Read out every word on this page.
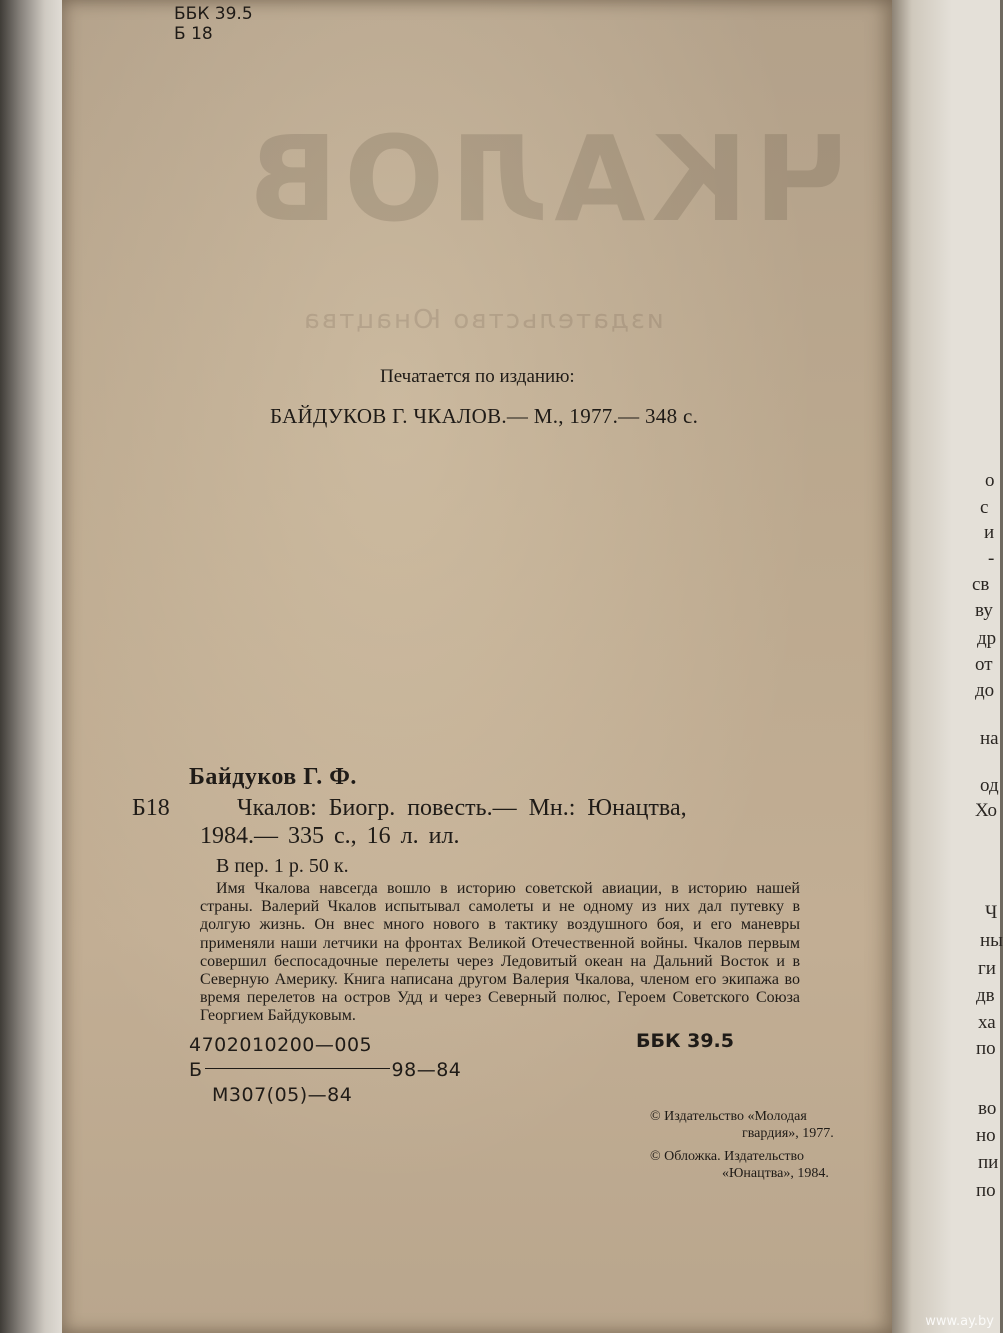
ЧКАЛОВ
издательство Юнацтва
ББК 39.5
Б 18
Печатается по изданию:
БАЙДУКОВ Г. ЧКАЛОВ.— М., 1977.— 348 с.
Байдуков Г. Ф.
Б18	Чкалов: Биогр. повесть.— Мн.: Юнацтва,
1984.— 335 с., 16 л. ил.
В пер. 1 р. 50 к.
Имя Чкалова навсегда вошло в историю советской авиации, в историю нашей страны. Валерий Чкалов испытывал самолеты и не одному из них дал путевку в долгую жизнь. Он внес много нового в тактику воздушного боя, и его маневры применяли наши летчики на фронтах Великой Отечественной войны. Чкалов первым совершил беспосадочные перелеты через Ледовитый океан на Дальний Восток и в Северную Америку. Книга написана другом Валерия Чкалова, членом его экипажа во время перелетов на остров Удд и через Северный полюс, Героем Советского Союза Георгием Байдуковым.
4702010200—005
Б	98—84
М307(05)—84
ББК 39.5
© Издательство «Молодая
гвардия», 1977.
© Обложка. Издательство
«Юнацтва», 1984.
о
с
и
-
св
ву
др
от
до
на
од
Хо
Ч
ны
ги
дв
ха
по
во
но
пи
по
www.ay.by
